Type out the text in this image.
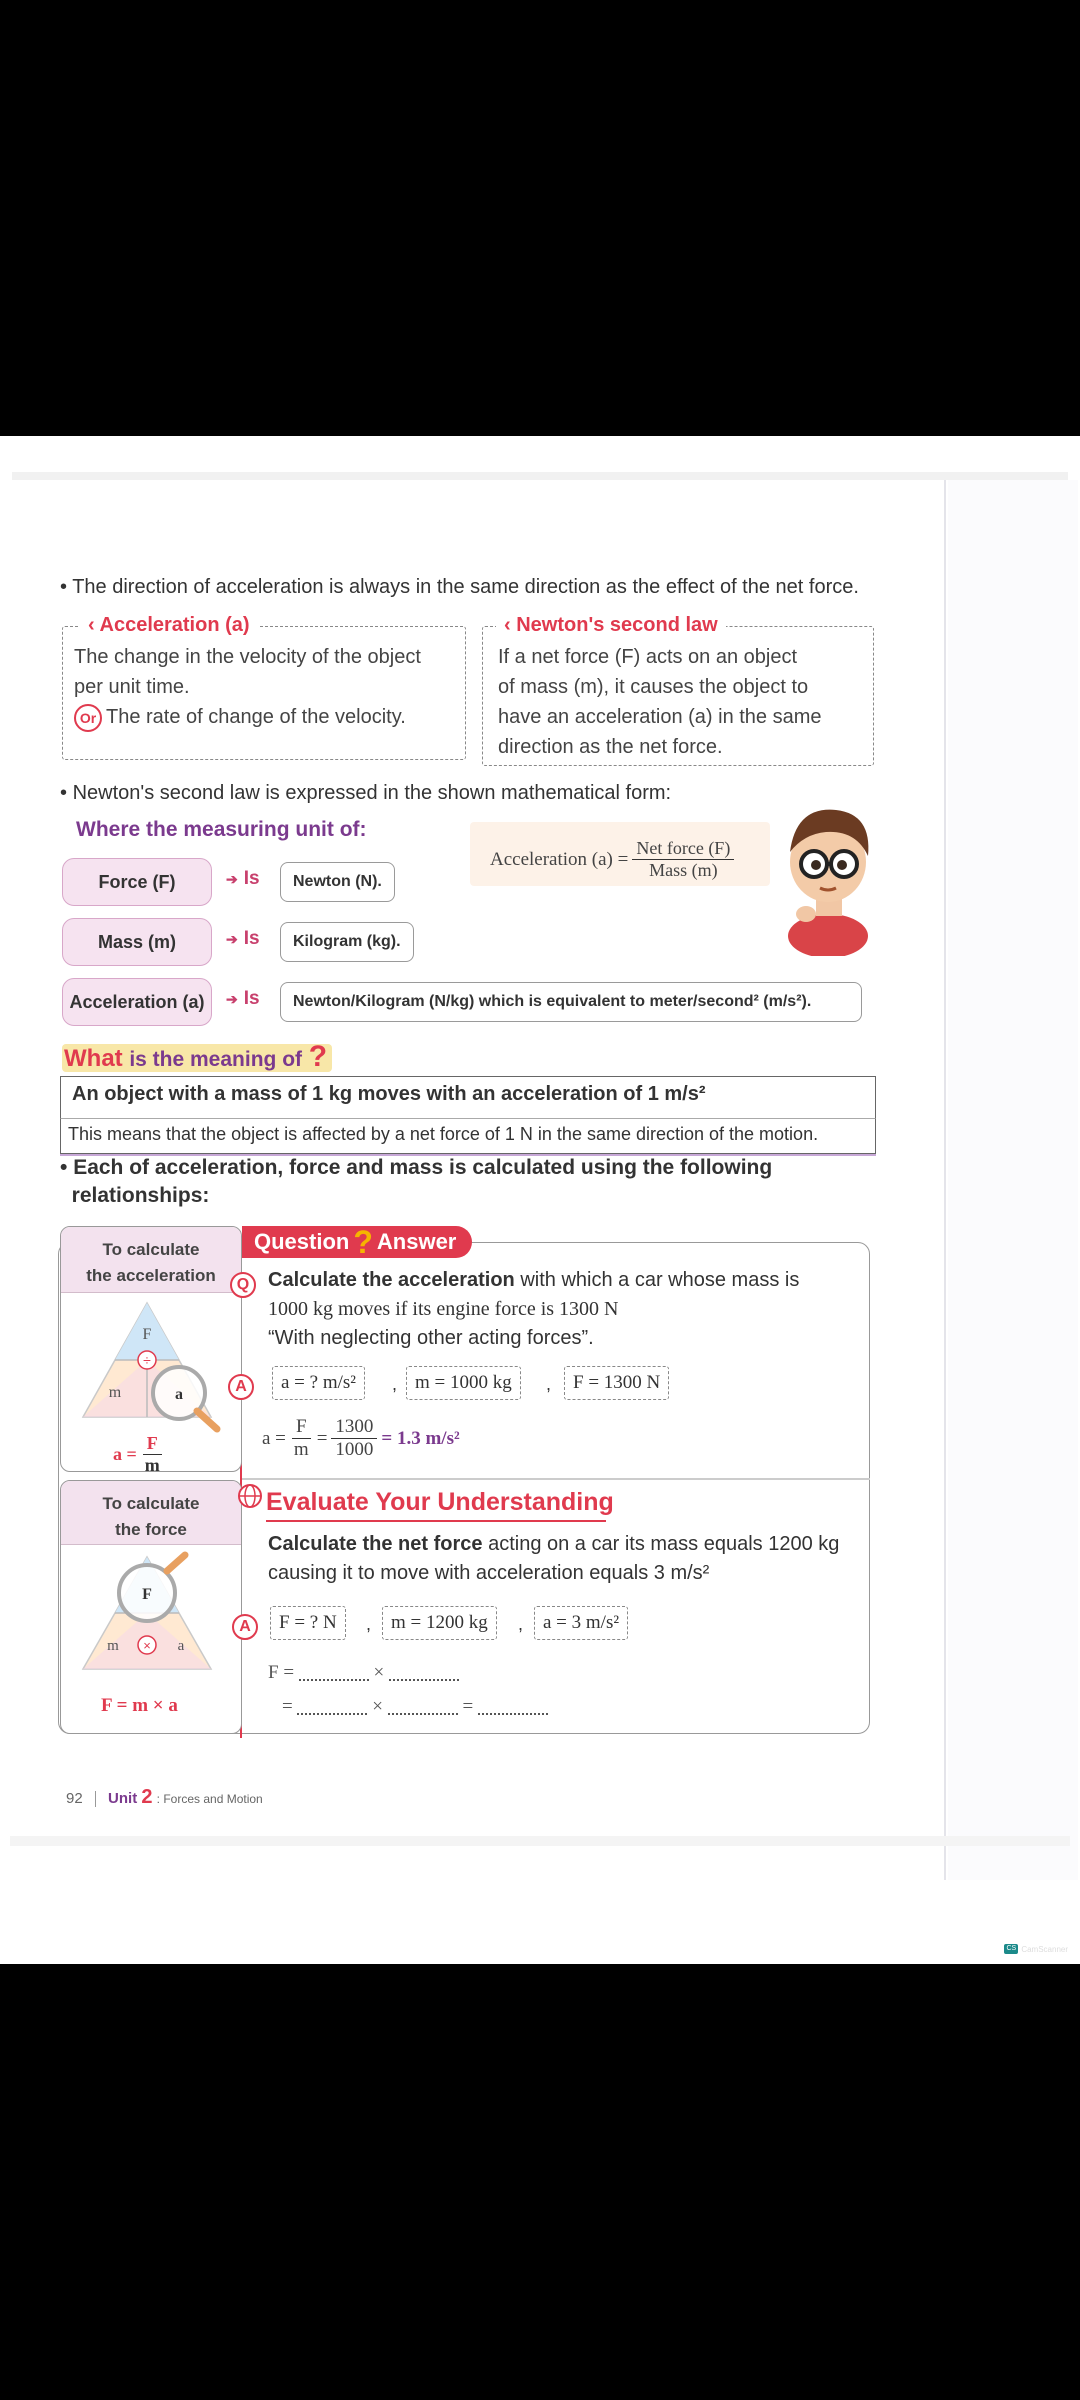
• The direction of acceleration is always in the same direction as the effect of the net force.
‹ Acceleration (a)
The change in the velocity of the object
per unit time.
Or The rate of change of the velocity.
‹ Newton's second law
If a net force (F) acts on an object
of mass (m), it causes the object to
have an acceleration (a) in the same
direction as the net force.
• Newton's second law is expressed in the shown mathematical form:
Where the measuring unit of:
Acceleration $(a) = \frac{\text{Net force (F)}}{\text{Mass (m)}}$
Force (F)	➔ Is Newton (N).
Mass (m)	➔ Is Kilogram (kg).
Acceleration (a) ➔ Is Newton/Kilogram (N/kg) which is equivalent to meter/second² (m/s²).
What is the meaning of ?
An object with a mass of 1 kg moves with an acceleration of 1 m/s²
This means that the object is affected by a net force of 1 N in the same direction of the motion.
• Each of acceleration, force and mass is calculated using the following
relationships:
To calculate
the acceleration
F
÷
m	a
$a = \frac{F}{m}$
Question ? Answer
Q Calculate the acceleration with which a car whose mass is
1000 kg moves if its engine force is 1300 N
“With neglecting other acting forces”.
A	a = ? m/s² , m = 1000 kg , F = 1300 N
$a = \frac{F}{m} = \frac{1300}{1000} = 1.3$ m/s²
To calculate
the force
F
×
m	a
F = m × a
Evaluate Your Understanding
Calculate the net force acting on a car its mass equals 1200 kg
causing it to move with acceleration equals 3 m/s²
A	F = ? N , m = 1200 kg , a = 3 m/s²
F =	×
=	×	=
92 Unit 2 : Forces and Motion
CS CamScanner
